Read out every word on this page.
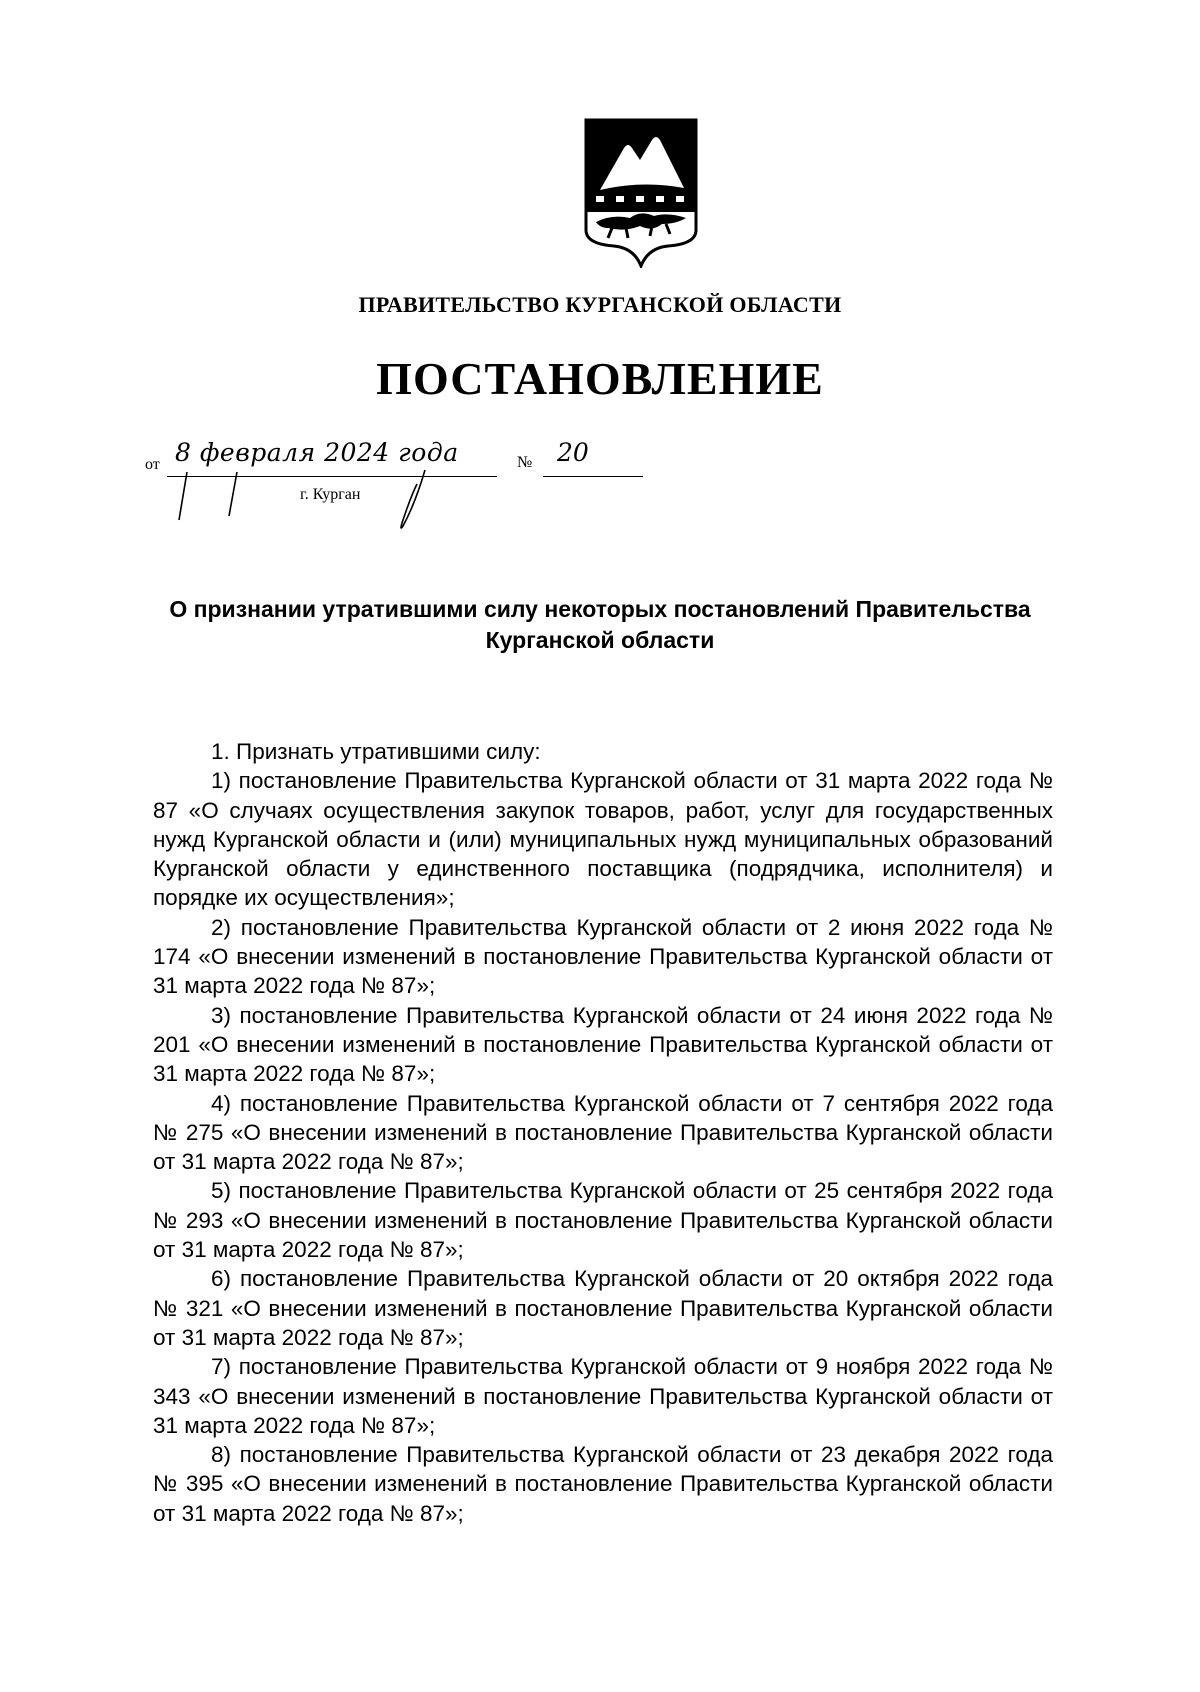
ПРАВИТЕЛЬСТВО КУРГАНСКОЙ ОБЛАСТИ
ПОСТАНОВЛЕНИЕ
от 8 февраля 2024 года	№ 20
г. Курган
О признании утратившими силу некоторых постановлений Правительства Курганской области

1. Признать утратившими силу:

1) постановление Правительства Курганской области от 31 марта 2022 года № 87 «О случаях осуществления закупок товаров, работ, услуг для государственных нужд Курганской области и (или) муниципальных нужд муниципальных образований Курганской области у единственного поставщика (подрядчика, исполнителя) и порядке их осуществления»;

2) постановление Правительства Курганской области от 2 июня 2022 года № 174 «О внесении изменений в постановление Правительства Курганской области от 31 марта 2022 года № 87»;

3) постановление Правительства Курганской области от 24 июня 2022 года № 201 «О внесении изменений в постановление Правительства Курганской области от 31 марта 2022 года № 87»;

4) постановление Правительства Курганской области от 7 сентября 2022 года № 275 «О внесении изменений в постановление Правительства Курганской области от 31 марта 2022 года № 87»;

5) постановление Правительства Курганской области от 25 сентября 2022 года № 293 «О внесении изменений в постановление Правительства Курганской области от 31 марта 2022 года № 87»;

6) постановление Правительства Курганской области от 20 октября 2022 года № 321 «О внесении изменений в постановление Правительства Курганской области от 31 марта 2022 года № 87»;

7) постановление Правительства Курганской области от 9 ноября 2022 года № 343 «О внесении изменений в постановление Правительства Курганской области от 31 марта 2022 года № 87»;

8) постановление Правительства Курганской области от 23 декабря 2022 года № 395 «О внесении изменений в постановление Правительства Курганской области от 31 марта 2022 года № 87»;
